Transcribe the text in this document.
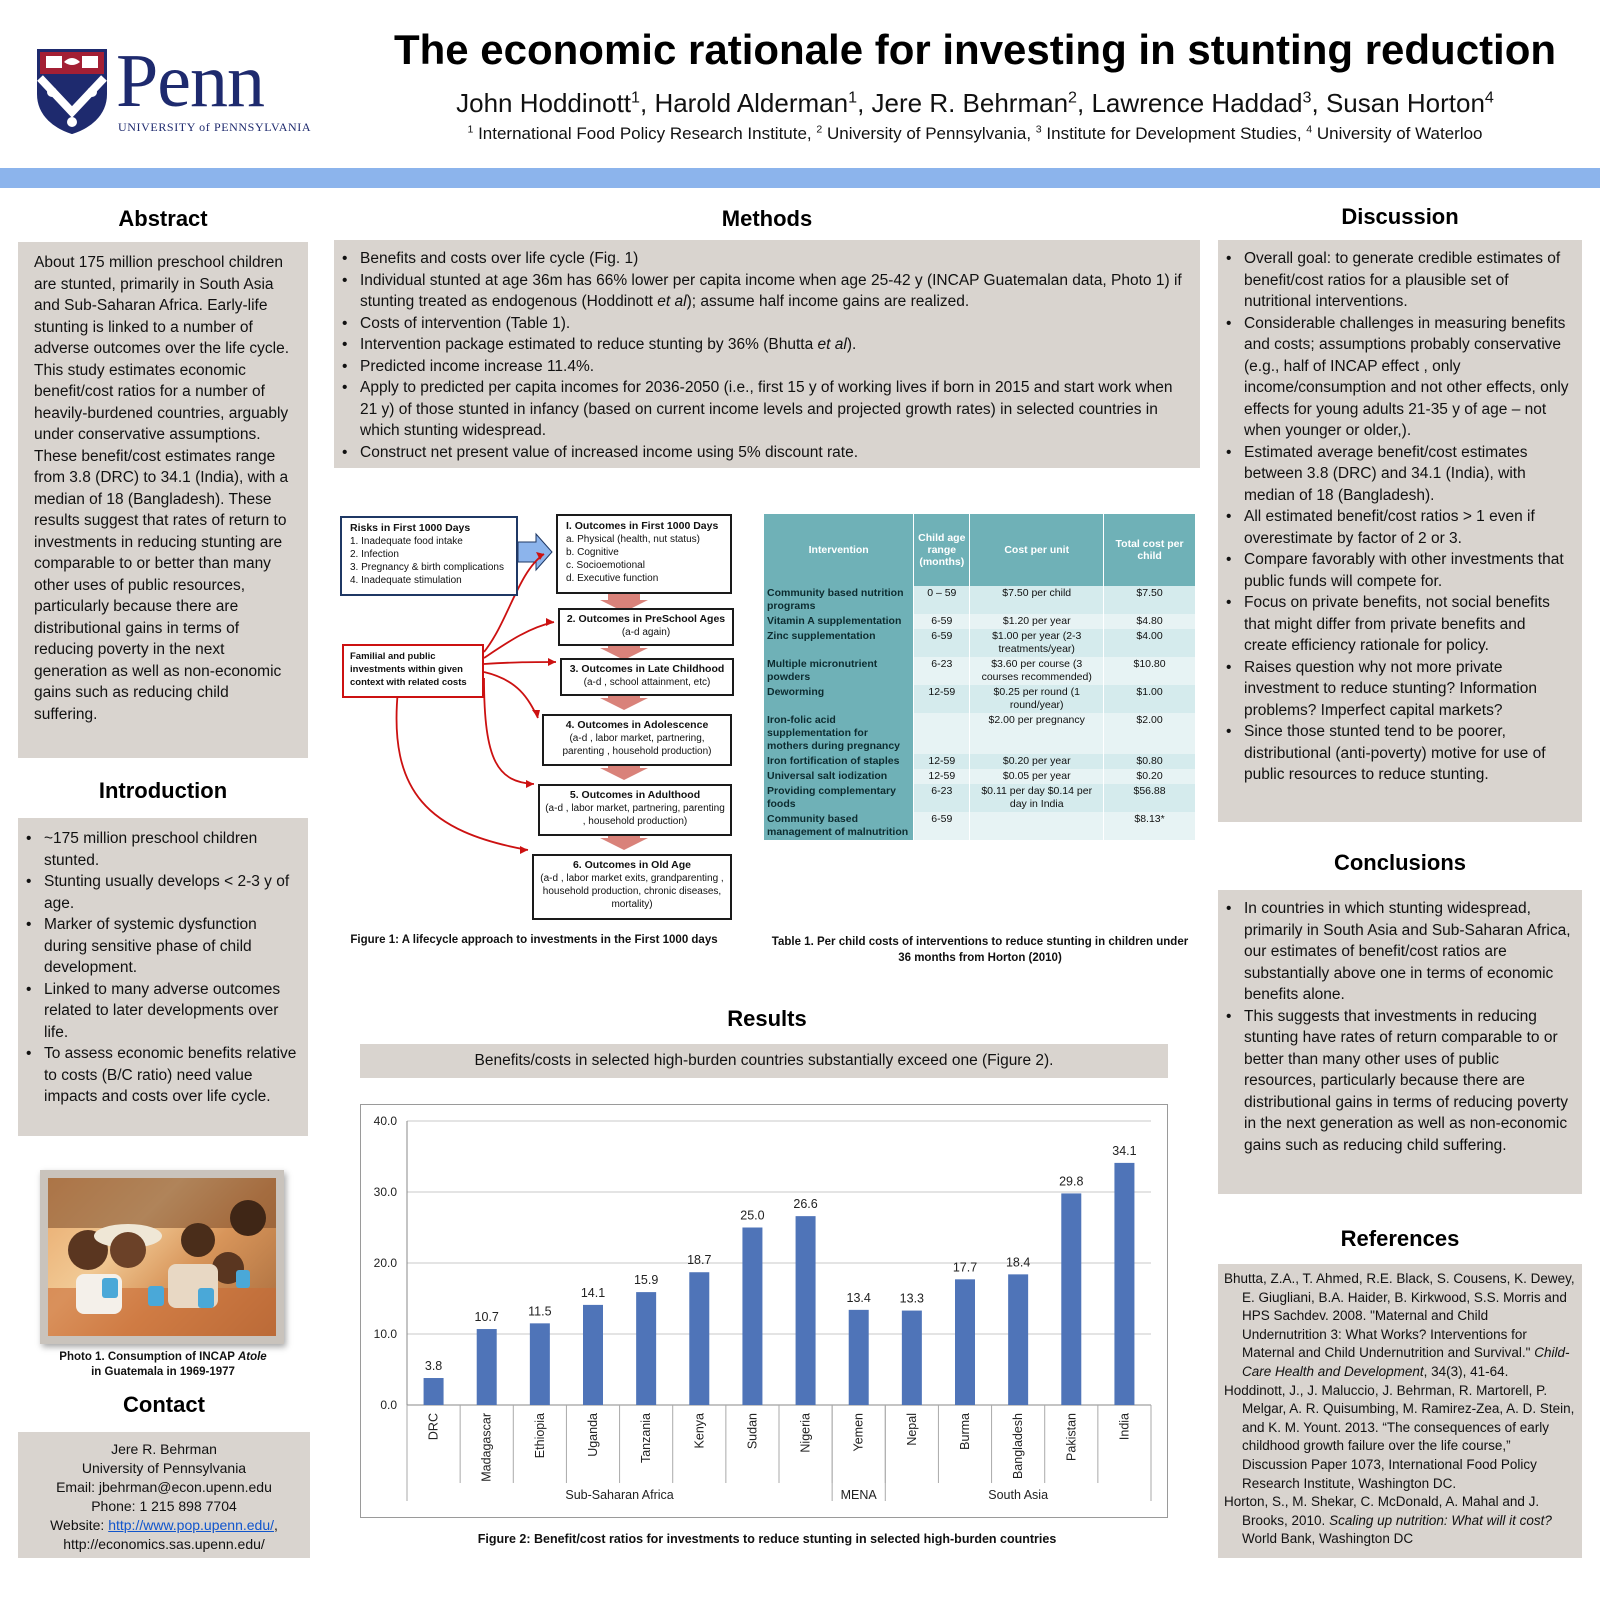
Penn
UNIVERSITY of PENNSYLVANIA
The economic rationale for investing in stunting reduction
John Hoddinott$^1$, Harold Alderman$^1$, Jere R. Behrman$^2$, Lawrence Haddad$^3$, Susan Horton$^4$
$^1$ International Food Policy Research Institute, $^2$ University of Pennsylvania, $^3$ Institute for Development Studies, $^4$ University of Waterloo
Abstract

About 175 million preschool children are stunted, primarily in South Asia and Sub-Saharan Africa. Early-life stunting is linked to a number of adverse outcomes over the life cycle. This study estimates economic benefit/cost ratios for a number of heavily-burdened countries, arguably under conservative assumptions. These benefit/cost estimates range from 3.8 (DRC) to 34.1 (India), with a median of 18 (Bangladesh). These results suggest that rates of return to investments in reducing stunting are comparable to or better than many other uses of public resources, particularly because there are distributional gains in terms of reducing poverty in the next generation as well as non-economic gains such as reducing child suffering.

Introduction
• ~175 million preschool children stunted.
• Stunting usually develops < 2-3 y of age.
• Marker of systemic dysfunction during sensitive phase of child development.
• Linked to many adverse outcomes related to later developments over life.
• To assess economic benefits relative to costs (B/C ratio) need value impacts and costs over life cycle.
Photo 1. Consumption of INCAP Atole
in Guatemala in 1969-1977
Contact
Jere R. Behrman
University of Pennsylvania
Email: jbehrman@econ.upenn.edu
Phone: 1 215 898 7704
Website: http://www.pop.upenn.edu/,
http://economics.sas.upenn.edu/
Methods
• Benefits and costs over life cycle (Fig. 1)
• Individual stunted at age 36m has 66% lower per capita income when age 25-42 y (INCAP Guatemalan data, Photo 1) if stunting treated as endogenous (Hoddinott et al); assume half income gains are realized.
• Costs of intervention (Table 1).
• Intervention package estimated to reduce stunting by 36% (Bhutta et al).
• Predicted income increase 11.4%.
• Apply to predicted per capita incomes for 2036-2050 (i.e., first 15 y of working lives if born in 2015 and start work when 21 y) of those stunted in infancy (based on current income levels and projected growth rates) in selected countries in which stunting widespread.
• Construct net present value of increased income using 5% discount rate.
Risks in First 1000 Days
1. Inadequate food intake
2. Infection
3. Pregnancy & birth complications
4. Inadequate stimulation
I. Outcomes in First 1000 Days
a. Physical (health, nut status)
b. Cognitive
c. Socioemotional
d. Executive function
2. Outcomes in PreSchool Ages
(a-d again)
3. Outcomes in Late Childhood
(a-d , school attainment, etc)
Familial and public investments within given context with related costs
4. Outcomes in Adolescence
(a-d , labor market, partnering, parenting , household production)
5. Outcomes in Adulthood
(a-d , labor market, partnering, parenting , household production)
6. Outcomes in Old Age
(a-d , labor market exits, grandparenting , household production, chronic diseases, mortality)
Figure 1: A lifecycle approach to investments in the First 1000 days
Intervention	Child age range (months)	Cost per unit	Total cost per child
Community based nutrition programs	0 – 59	$7.50 per child	$7.50
Vitamin A supplementation	6-59	$1.20 per year	$4.80
Zinc supplementation	6-59	$1.00 per year (2-3 treatments/year)	$4.00
Multiple micronutrient powders	6-23	$3.60 per course (3 courses recommended)	$10.80
Deworming	12-59	$0.25 per round (1 round/year)	$1.00
Iron-folic acid supplementation for mothers during pregnancy		$2.00 per pregnancy	$2.00
Iron fortification of staples	12-59	$0.20 per year	$0.80
Universal salt iodization	12-59	$0.05 per year	$0.20
Providing complementary foods	6-23	$0.11 per day $0.14 per day in India	$56.88
Community based management of malnutrition	6-59		$8.13*
Table 1. Per child costs of interventions to reduce stunting in children under 36 months from Horton (2010)
Results
Benefits/costs in selected high-burden countries substantially exceed one (Figure 2).
0.0
10.0
20.0
30.0
40.0
Sub-Saharan Africa	MENA	South Asia
3.8
DRC
10.7
Madagascar
11.5
Ethiopia
14.1
Uganda
15.9
Tanzania
18.7
Kenya
25.0
Sudan
26.6
Nigeria
13.4
Yemen
13.3
Nepal
17.7
Burma
18.4
Bangladesh
29.8
Pakistan
34.1
India
Figure 2: Benefit/cost ratios for investments to reduce stunting in selected high-burden countries
Discussion
• Overall goal: to generate credible estimates of benefit/cost ratios for a plausible set of nutritional interventions.
• Considerable challenges in measuring benefits and costs; assumptions probably conservative (e.g., half of INCAP effect , only income/consumption and not other effects, only effects for young adults 21-35 y of age – not when younger or older,).
• Estimated average benefit/cost estimates between 3.8 (DRC) and 34.1 (India), with median of 18 (Bangladesh).
• All estimated benefit/cost ratios > 1 even if overestimate by factor of 2 or 3.
• Compare favorably with other investments that public funds will compete for.
• Focus on private benefits, not social benefits that might differ from private benefits and create efficiency rationale for policy.
• Raises question why not more private investment to reduce stunting? Information problems? Imperfect capital markets?
• Since those stunted tend to be poorer, distributional (anti-poverty) motive for use of public resources to reduce stunting.
Conclusions
• In countries in which stunting widespread, primarily in South Asia and Sub-Saharan Africa, our estimates of benefit/cost ratios are substantially above one in terms of economic benefits alone.
• This suggests that investments in reducing stunting have rates of return comparable to or better than many other uses of public resources, particularly because there are distributional gains in terms of reducing poverty in the next generation as well as non-economic gains such as reducing child suffering.
References
Bhutta, Z.A., T. Ahmed, R.E. Black, S. Cousens, K. Dewey, E. Giugliani, B.A. Haider, B. Kirkwood, S.S. Morris and HPS Sachdev. 2008. "Maternal and Child Undernutrition 3: What Works? Interventions for Maternal and Child Undernutrition and Survival." Child-Care Health and Development, 34(3), 41-64.
Hoddinott, J., J. Maluccio, J. Behrman, R. Martorell, P. Melgar, A. R. Quisumbing, M. Ramirez-Zea, A. D. Stein, and K. M. Yount. 2013. “The consequences of early childhood growth failure over the life course,” Discussion Paper 1073, International Food Policy Research Institute, Washington DC.
Horton, S., M. Shekar, C. McDonald, A. Mahal and J. Brooks, 2010. Scaling up nutrition: What will it cost? World Bank, Washington DC
